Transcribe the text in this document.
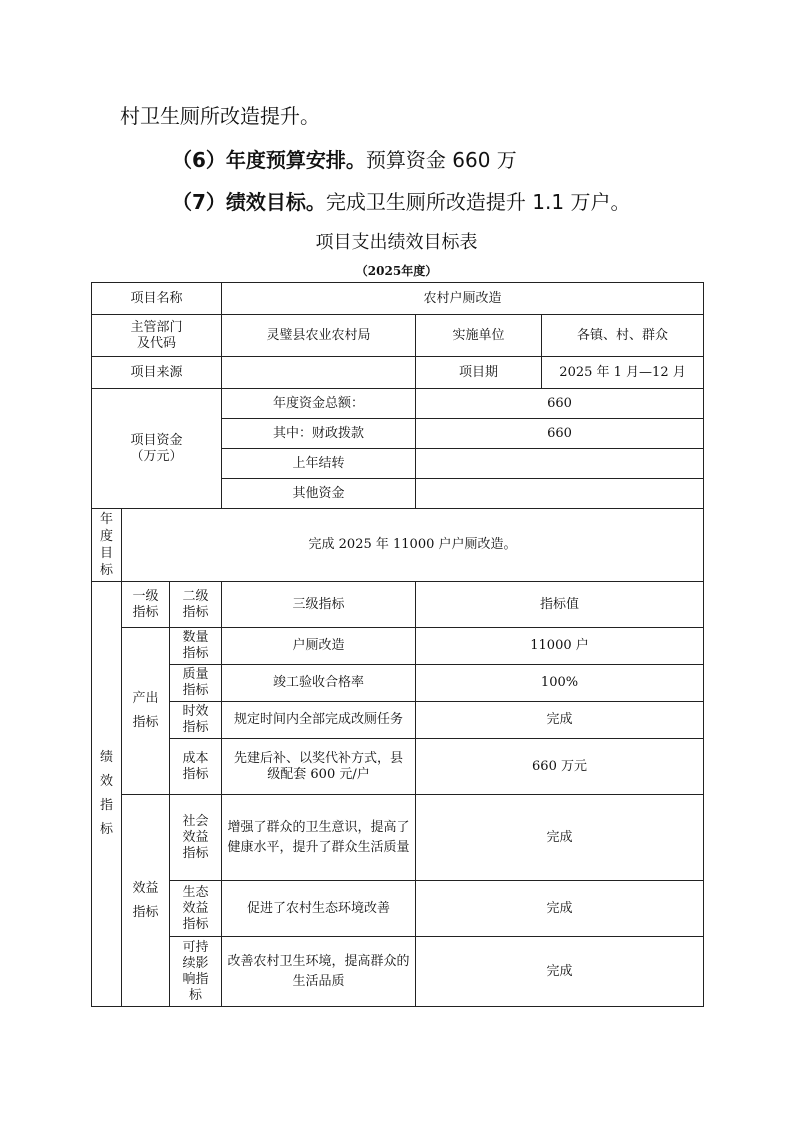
村卫生厕所改造提升。
（6）年度预算安排。预算资金 660 万
（7）绩效目标。完成卫生厕所改造提升 1.1 万户。
项目支出绩效目标表
（2025年度）
项目名称			农村户厕改造		

主管部门及代码			灵璧县农业农村局	实施单位	各镇、村、群众
项目来源				项目期	2025 年 1 月—12 月

项目资金
（万元）			年度资金总额：	660	
			其中：财政拨款	660	
			上年结转		
			其他资金		

年度目标	完成 2025 年 11000 户户厕改造。				

绩效指标	一级指标	二级指标	三级指标	指标值	

	产出指标	数量指标	户厕改造	11000 户	

		质量指标	竣工验收合格率	100%	

		时效指标	规定时间内全部完成改厕任务	完成	

		成本指标	先建后补、以奖代补方式，县级配套 600 元/户	660 万元	

	效益指标	社会效益指标	增强了群众的卫生意识，提高了健康水平，提升了群众生活质量	完成	

		生态效益指标	促进了农村生态环境改善	完成	

		可持续影响指标	改善农村卫生环境，提高群众的生活品质	完成	
